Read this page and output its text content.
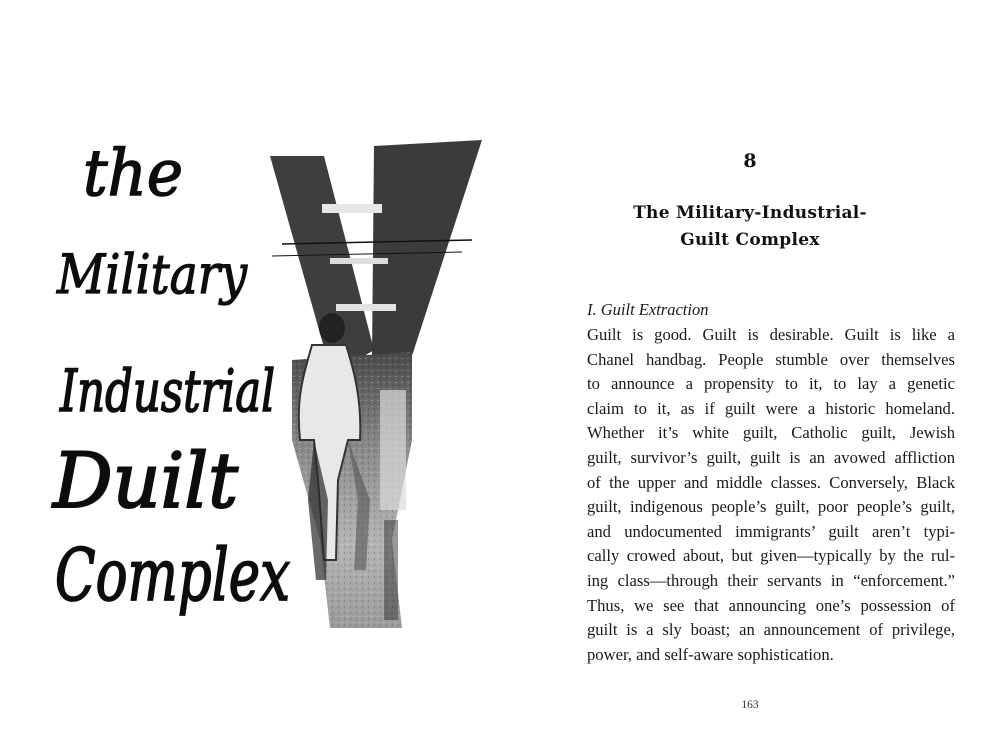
the
Military
Industrial
Duilt
Complex
8
The Military-Industrial-
Guilt Complex
I. Guilt Extraction
Guilt is good. Guilt is desirable. Guilt is like a
Chanel handbag. People stumble over themselves
to announce a propensity to it, to lay a genetic
claim to it, as if guilt were a historic homeland.
Whether it’s white guilt, Catholic guilt, Jewish
guilt, survivor’s guilt, guilt is an avowed affliction
of the upper and middle classes. Conversely, Black
guilt, indigenous people’s guilt, poor people’s guilt,
and undocumented immigrants’ guilt aren’t typi-
cally crowed about, but given—typically by the rul-
ing class—through their servants in “enforcement.”
Thus, we see that announcing one’s possession of
guilt is a sly boast; an announcement of privilege,
power, and self-aware sophistication.
163
